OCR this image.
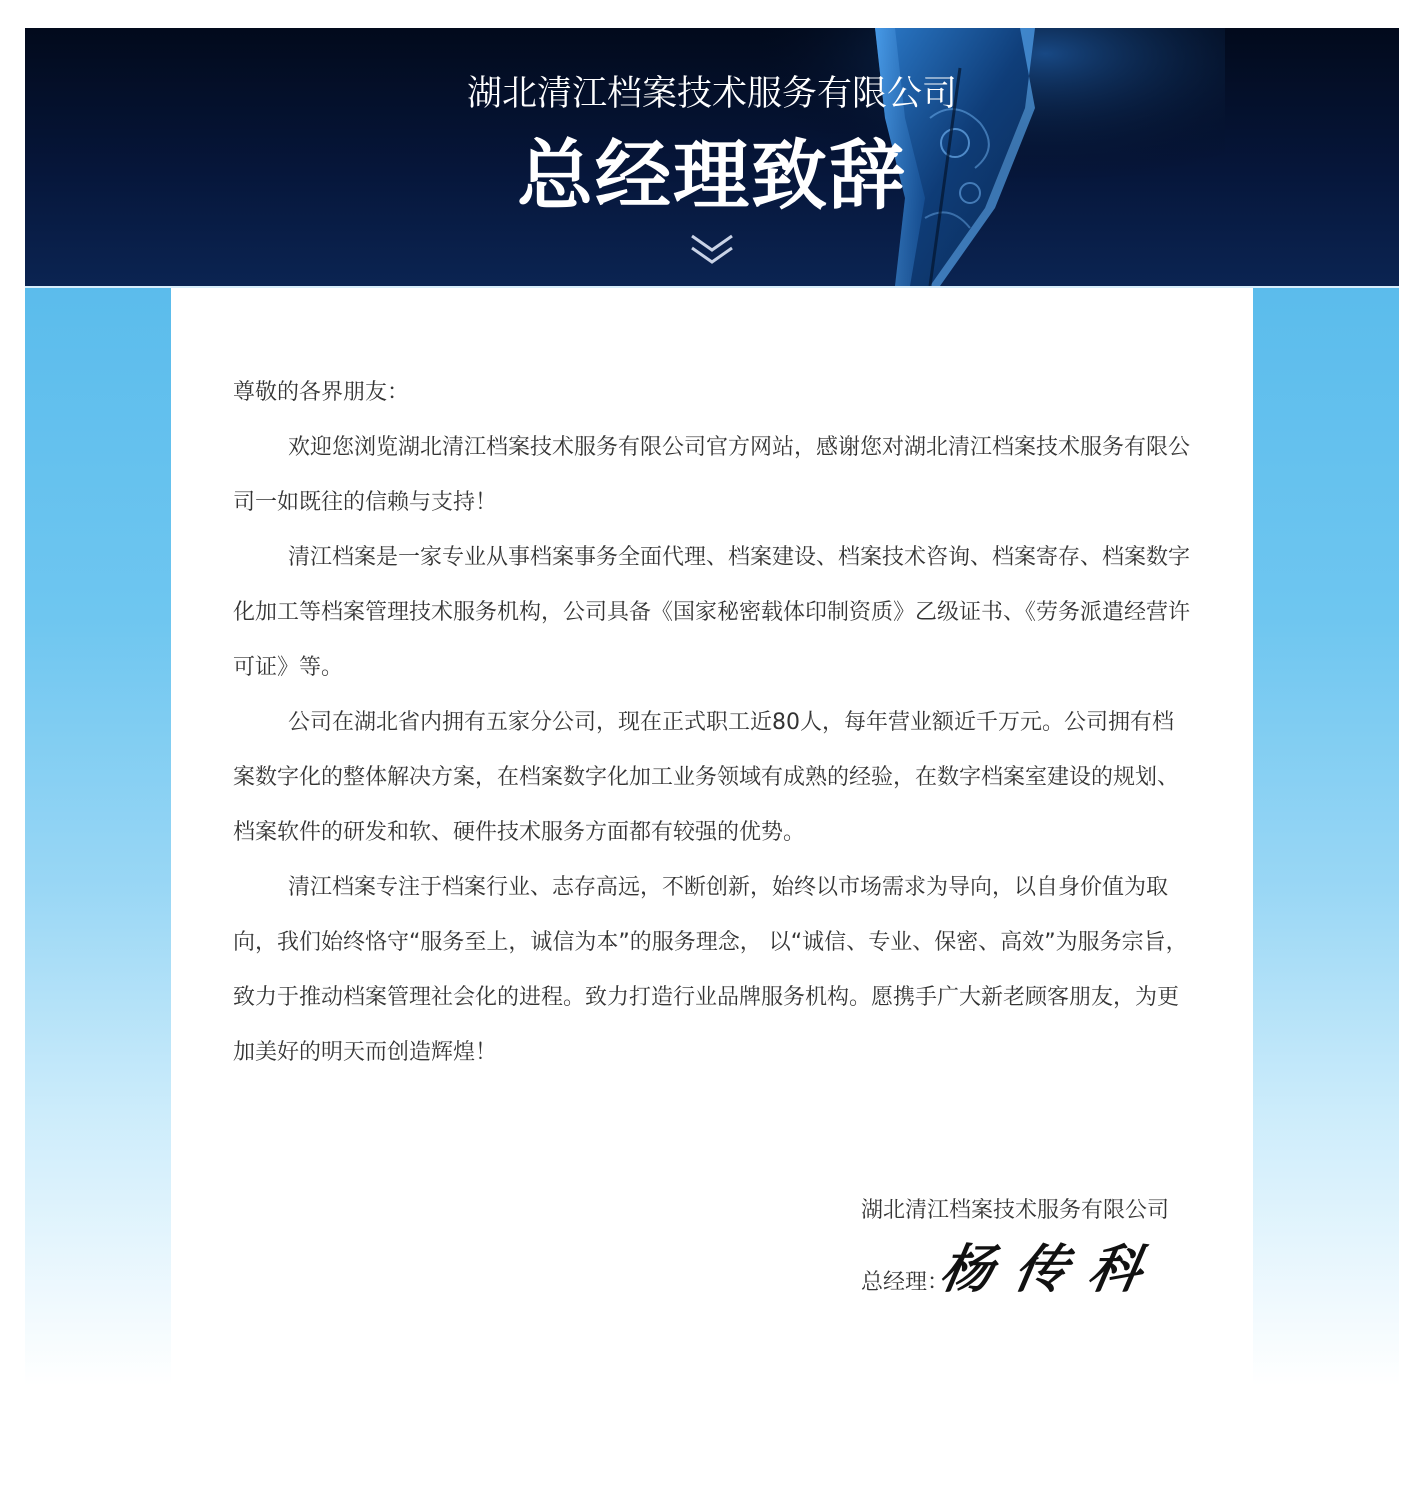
湖北清江档案技术服务有限公司
总经理致辞

尊敬的各界朋友：

欢迎您浏览湖北清江档案技术服务有限公司官方网站，感谢您对湖北清江档案技术服务有限公司一如既往的信赖与支持！

清江档案是一家专业从事档案事务全面代理、档案建设、档案技术咨询、档案寄存、档案数字化加工等档案管理技术服务机构，公司具备《国家秘密载体印制资质》乙级证书、《劳务派遣经营许可证》等。

公司在湖北省内拥有五家分公司，现在正式职工近80人，每年营业额近千万元。公司拥有档案数字化的整体解决方案，在档案数字化加工业务领域有成熟的经验，在数字档案室建设的规划、档案软件的研发和软、硬件技术服务方面都有较强的优势。

清江档案专注于档案行业、志存高远，不断创新，始终以市场需求为导向，以自身价值为取向，我们始终恪守“服务至上，诚信为本”的服务理念， 以“诚信、专业、保密、高效”为服务宗旨，致力于推动档案管理社会化的进程。致力打造行业品牌服务机构。愿携手广大新老顾客朋友，为更加美好的明天而创造辉煌！

湖北清江档案技术服务有限公司
总经理：
杨传科
